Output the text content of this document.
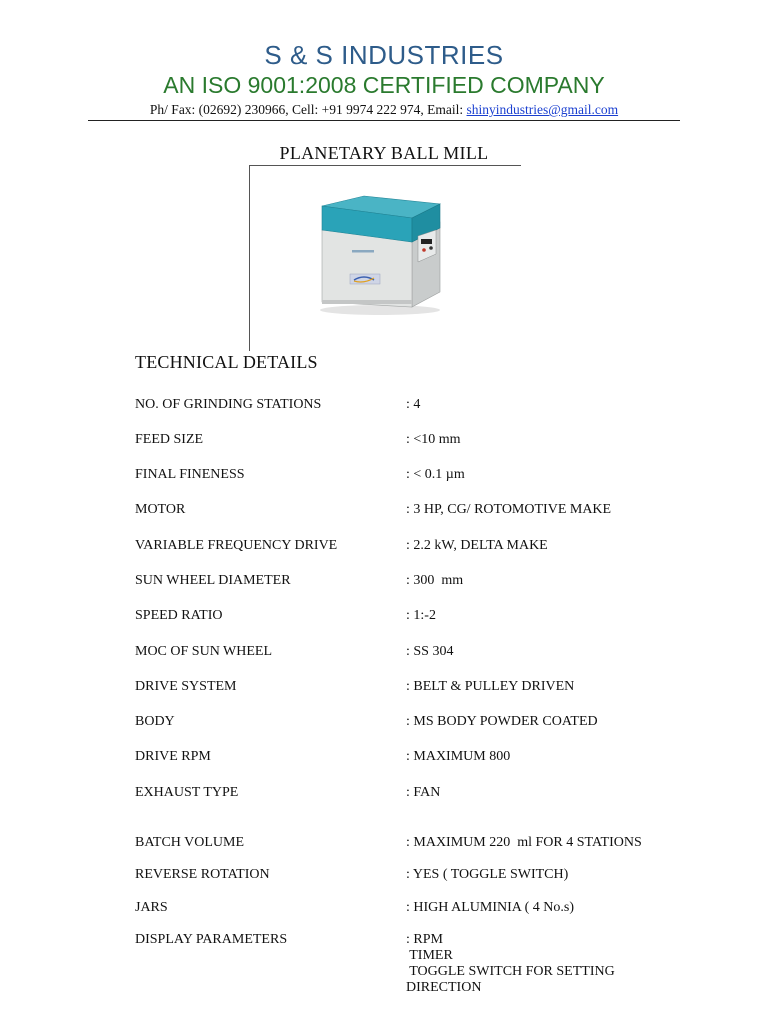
S & S INDUSTRIES
AN ISO 9001:2008 CERTIFIED COMPANY
Ph/ Fax: (02692) 230966, Cell: +91 9974 222 974, Email: shinyindustries@gmail.com
PLANETARY BALL MILL
TECHNICAL DETAILS
NO. OF GRINDING STATIONS	: 4
FEED SIZE	: <10 mm
FINAL FINENESS	: < 0.1 µm
MOTOR	: 3 HP, CG/ ROTOMOTIVE MAKE
VARIABLE FREQUENCY DRIVE	: 2.2 kW, DELTA MAKE
SUN WHEEL DIAMETER	: 300  mm
SPEED RATIO	: 1:-2
MOC OF SUN WHEEL	: SS 304
DRIVE SYSTEM	: BELT & PULLEY DRIVEN
BODY	: MS BODY POWDER COATED
DRIVE RPM	: MAXIMUM 800
EXHAUST TYPE	: FAN
BATCH VOLUME	: MAXIMUM 220  ml FOR 4 STATIONS
REVERSE ROTATION	: YES ( TOGGLE SWITCH)
JARS	: HIGH ALUMINIA ( 4 No.s)
DISPLAY PARAMETERS	: RPM
TIMER
TOGGLE SWITCH FOR SETTING
DIRECTION
